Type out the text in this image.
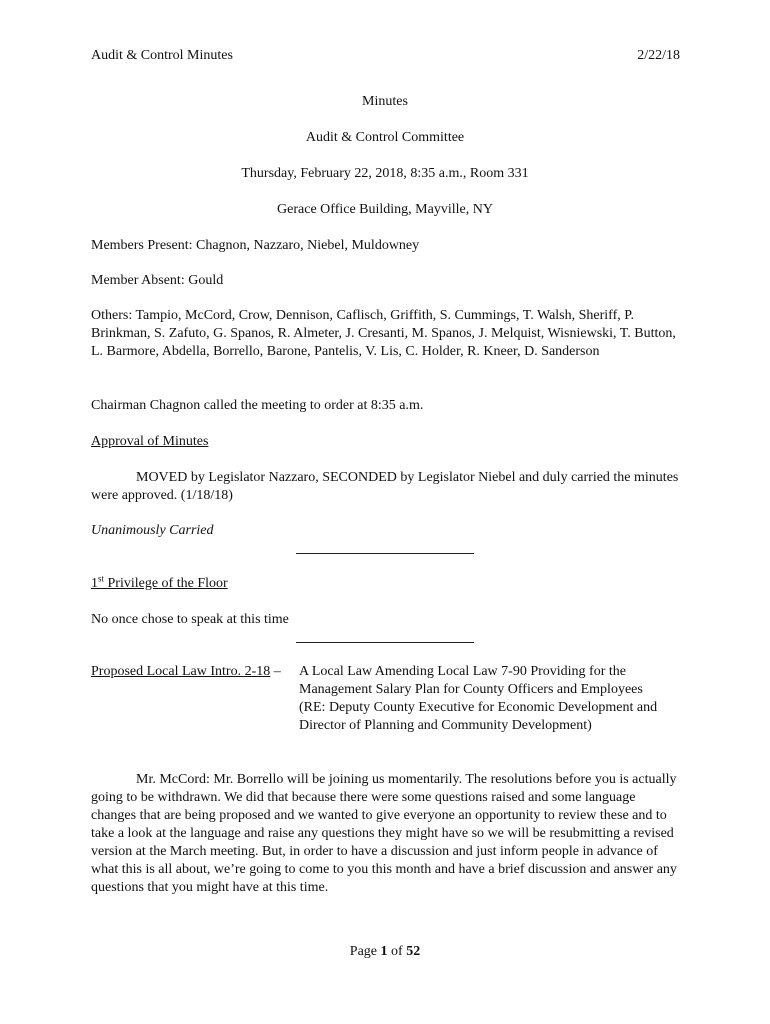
Audit & Control Minutes	2/22/18
Minutes
Audit & Control Committee
Thursday, February 22, 2018, 8:35 a.m., Room 331
Gerace Office Building, Mayville, NY
Members Present: Chagnon, Nazzaro, Niebel, Muldowney
Member Absent: Gould
Others: Tampio, McCord, Crow, Dennison, Caflisch, Griffith, S. Cummings, T. Walsh, Sheriff, P. Brinkman, S. Zafuto, G. Spanos, R. Almeter, J. Cresanti, M. Spanos, J. Melquist, Wisniewski, T. Button, L. Barmore, Abdella, Borrello, Barone, Pantelis, V. Lis, C. Holder, R. Kneer, D. Sanderson
Chairman Chagnon called the meeting to order at 8:35 a.m.
Approval of Minutes
MOVED by Legislator Nazzaro, SECONDED by Legislator Niebel and duly carried the minutes were approved. (1/18/18)
Unanimously Carried
1st Privilege of the Floor
No once chose to speak at this time
Proposed Local Law Intro. 2-18 – A Local Law Amending Local Law 7-90 Providing for the Management Salary Plan for County Officers and Employees (RE: Deputy County Executive for Economic Development and Director of Planning and Community Development)
Mr. McCord: Mr. Borrello will be joining us momentarily. The resolutions before you is actually going to be withdrawn. We did that because there were some questions raised and some language changes that are being proposed and we wanted to give everyone an opportunity to review these and to take a look at the language and raise any questions they might have so we will be resubmitting a revised version at the March meeting. But, in order to have a discussion and just inform people in advance of what this is all about, we’re going to come to you this month and have a brief discussion and answer any questions that you might have at this time.
Page 1 of 52
